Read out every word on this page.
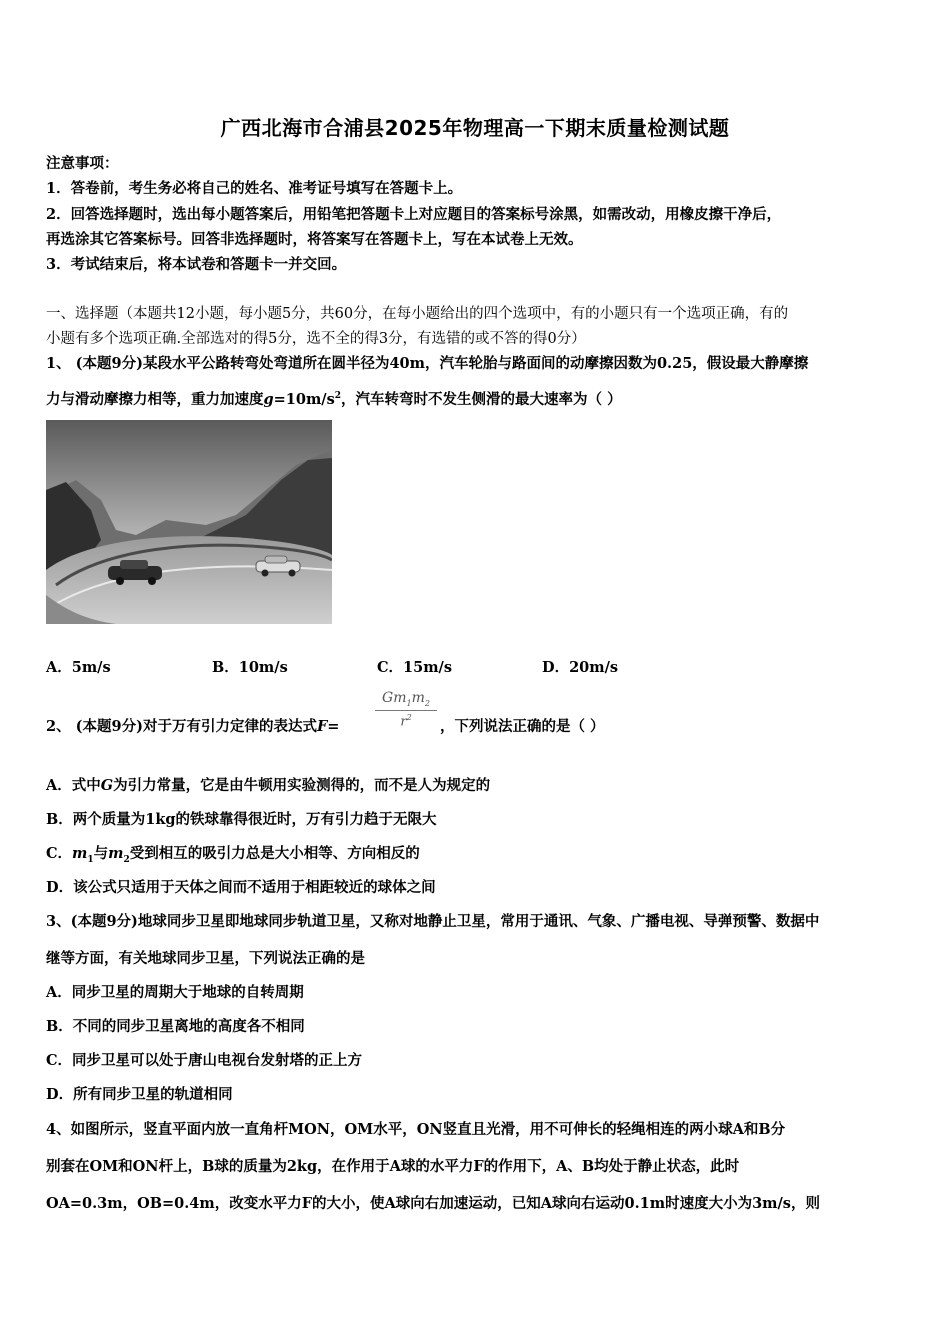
广西北海市合浦县2025年物理高一下期末质量检测试题
注意事项：
1．答卷前，考生务必将自己的姓名、准考证号填写在答题卡上。
2．回答选择题时，选出每小题答案后，用铅笔把答题卡上对应题目的答案标号涂黑，如需改动，用橡皮擦干净后，
再选涂其它答案标号。回答非选择题时，将答案写在答题卡上，写在本试卷上无效。
3．考试结束后，将本试卷和答题卡一并交回。
一、选择题（本题共12小题，每小题5分，共60分，在每小题给出的四个选项中，有的小题只有一个选项正确，有的
小题有多个选项正确.全部选对的得5分，选不全的得3分，有选错的或不答的得0分）
1、 (本题9分)某段水平公路转弯处弯道所在圆半径为40m，汽车轮胎与路面间的动摩擦因数为0.25，假设最大静摩擦
力与滑动摩擦力相等，重力加速度$g=10m/s^2$，汽车转弯时不发生侧滑的最大速率为（ ）
A．5m/s	B．10m/s	C．15m/s	D．20m/s
2、 (本题9分)对于万有引力定律的表达式F=	$\frac{Gm_1m_2}{r^2}$ ，下列说法正确的是（ ）
A．式中G为引力常量，它是由牛顿用实验测得的，而不是人为规定的
B．两个质量为1kg的铁球靠得很近时，万有引力趋于无限大
C．$m_1$与$m_2$受到相互的吸引力总是大小相等、方向相反的
D．该公式只适用于天体之间而不适用于相距较近的球体之间
3、(本题9分)地球同步卫星即地球同步轨道卫星，又称对地静止卫星，常用于通讯、气象、广播电视、导弹预警、数据中
继等方面，有关地球同步卫星，下列说法正确的是
A．同步卫星的周期大于地球的自转周期
B．不同的同步卫星离地的高度各不相同
C．同步卫星可以处于唐山电视台发射塔的正上方
D．所有同步卫星的轨道相同
4、如图所示，竖直平面内放一直角杆MON，OM水平，ON竖直且光滑，用不可伸长的轻绳相连的两小球A和B分
别套在OM和ON杆上，B球的质量为2kg，在作用于A球的水平力F的作用下，A、B均处于静止状态，此时
OA=0.3m，OB=0.4m，改变水平力F的大小，使A球向右加速运动，已知A球向右运动0.1m时速度大小为3m/s，则
